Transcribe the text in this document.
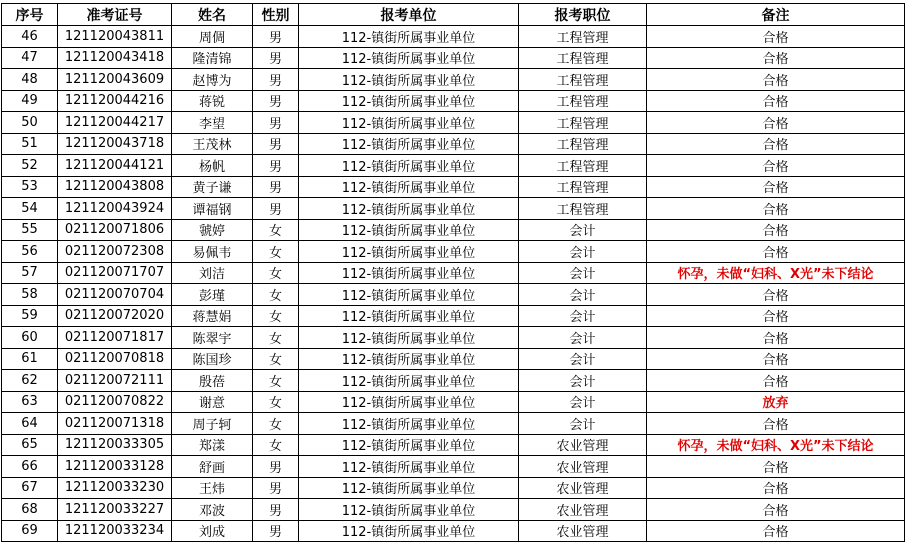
序号	准考证号	姓名	性别	报考单位	报考职位	备注
46	121120043811	周倜	男	112-镇街所属事业单位	工程管理	合格
47	121120043418	隆清锦	男	112-镇街所属事业单位	工程管理	合格
48	121120043609	赵博为	男	112-镇街所属事业单位	工程管理	合格
49	121120044216	蒋锐	男	112-镇街所属事业单位	工程管理	合格
50	121120044217	李望	男	112-镇街所属事业单位	工程管理	合格
51	121120043718	王茂林	男	112-镇街所属事业单位	工程管理	合格
52	121120044121	杨帆	男	112-镇街所属事业单位	工程管理	合格
53	121120043808	黄子谦	男	112-镇街所属事业单位	工程管理	合格
54	121120043924	谭福钢	男	112-镇街所属事业单位	工程管理	合格
55	021120071806	虢婷	女	112-镇街所属事业单位	会计	合格
56	021120072308	易佩韦	女	112-镇街所属事业单位	会计	合格
57	021120071707	刘洁	女	112-镇街所属事业单位	会计	怀孕，未做“妇科、X光”未下结论
58	021120070704	彭瑾	女	112-镇街所属事业单位	会计	合格
59	021120072020	蒋慧娟	女	112-镇街所属事业单位	会计	合格
60	021120071817	陈翠宇	女	112-镇街所属事业单位	会计	合格
61	021120070818	陈国珍	女	112-镇街所属事业单位	会计	合格
62	021120072111	殷蓓	女	112-镇街所属事业单位	会计	合格
63	021120070822	谢意	女	112-镇街所属事业单位	会计	放弃
64	021120071318	周子轲	女	112-镇街所属事业单位	会计	合格
65	121120033305	郑漾	女	112-镇街所属事业单位	农业管理	怀孕，未做“妇科、X光”未下结论
66	121120033128	舒画	男	112-镇街所属事业单位	农业管理	合格
67	121120033230	王炜	男	112-镇街所属事业单位	农业管理	合格
68	121120033227	邓波	男	112-镇街所属事业单位	农业管理	合格
69	121120033234	刘成	男	112-镇街所属事业单位	农业管理	合格
